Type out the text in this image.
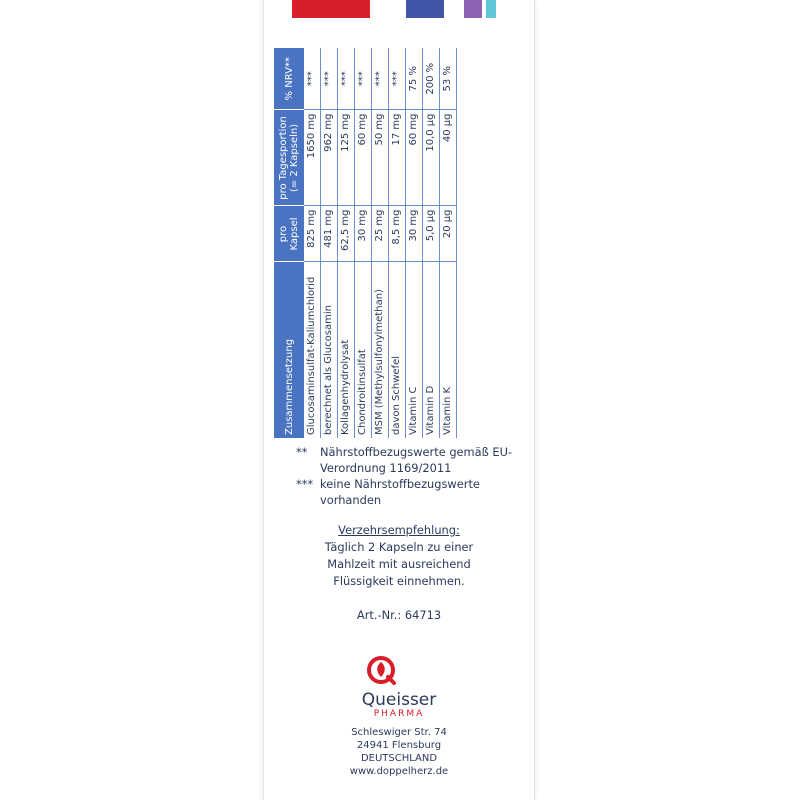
Zusammensetzung	pro Kapsel	pro Tagesportion (= 2 Kapseln)	% NRV**
Glucosaminsulfat-Kaliumchlorid	825 mg	1650 mg	***
berechnet als Glucosamin	481 mg	962 mg	***
Kollagenhydrolysat	62,5 mg	125 mg	***
Chondroitinsulfat	30 mg	60 mg	***
MSM (Methylsulfonylmethan)	25 mg	50 mg	***
davon Schwefel	8,5 mg	17 mg	***
Vitamin C	30 mg	60 mg	75 %
Vitamin D	5,0 µg	10,0 µg	200 %
Vitamin K	20 µg	40 µg	53 %
**	Nährstoffbezugswerte gemäß EU-Verordnung 1169/2011
*** keine Nährstoffbezugswerte vorhanden
Verzehrsempfehlung:
Täglich 2 Kapseln zu einer
Mahlzeit mit ausreichend
Flüssigkeit einnehmen.
Art.-Nr.: 64713
Queisser
PHARMA
Schleswiger Str. 74
24941 Flensburg
DEUTSCHLAND
www.doppelherz.de
